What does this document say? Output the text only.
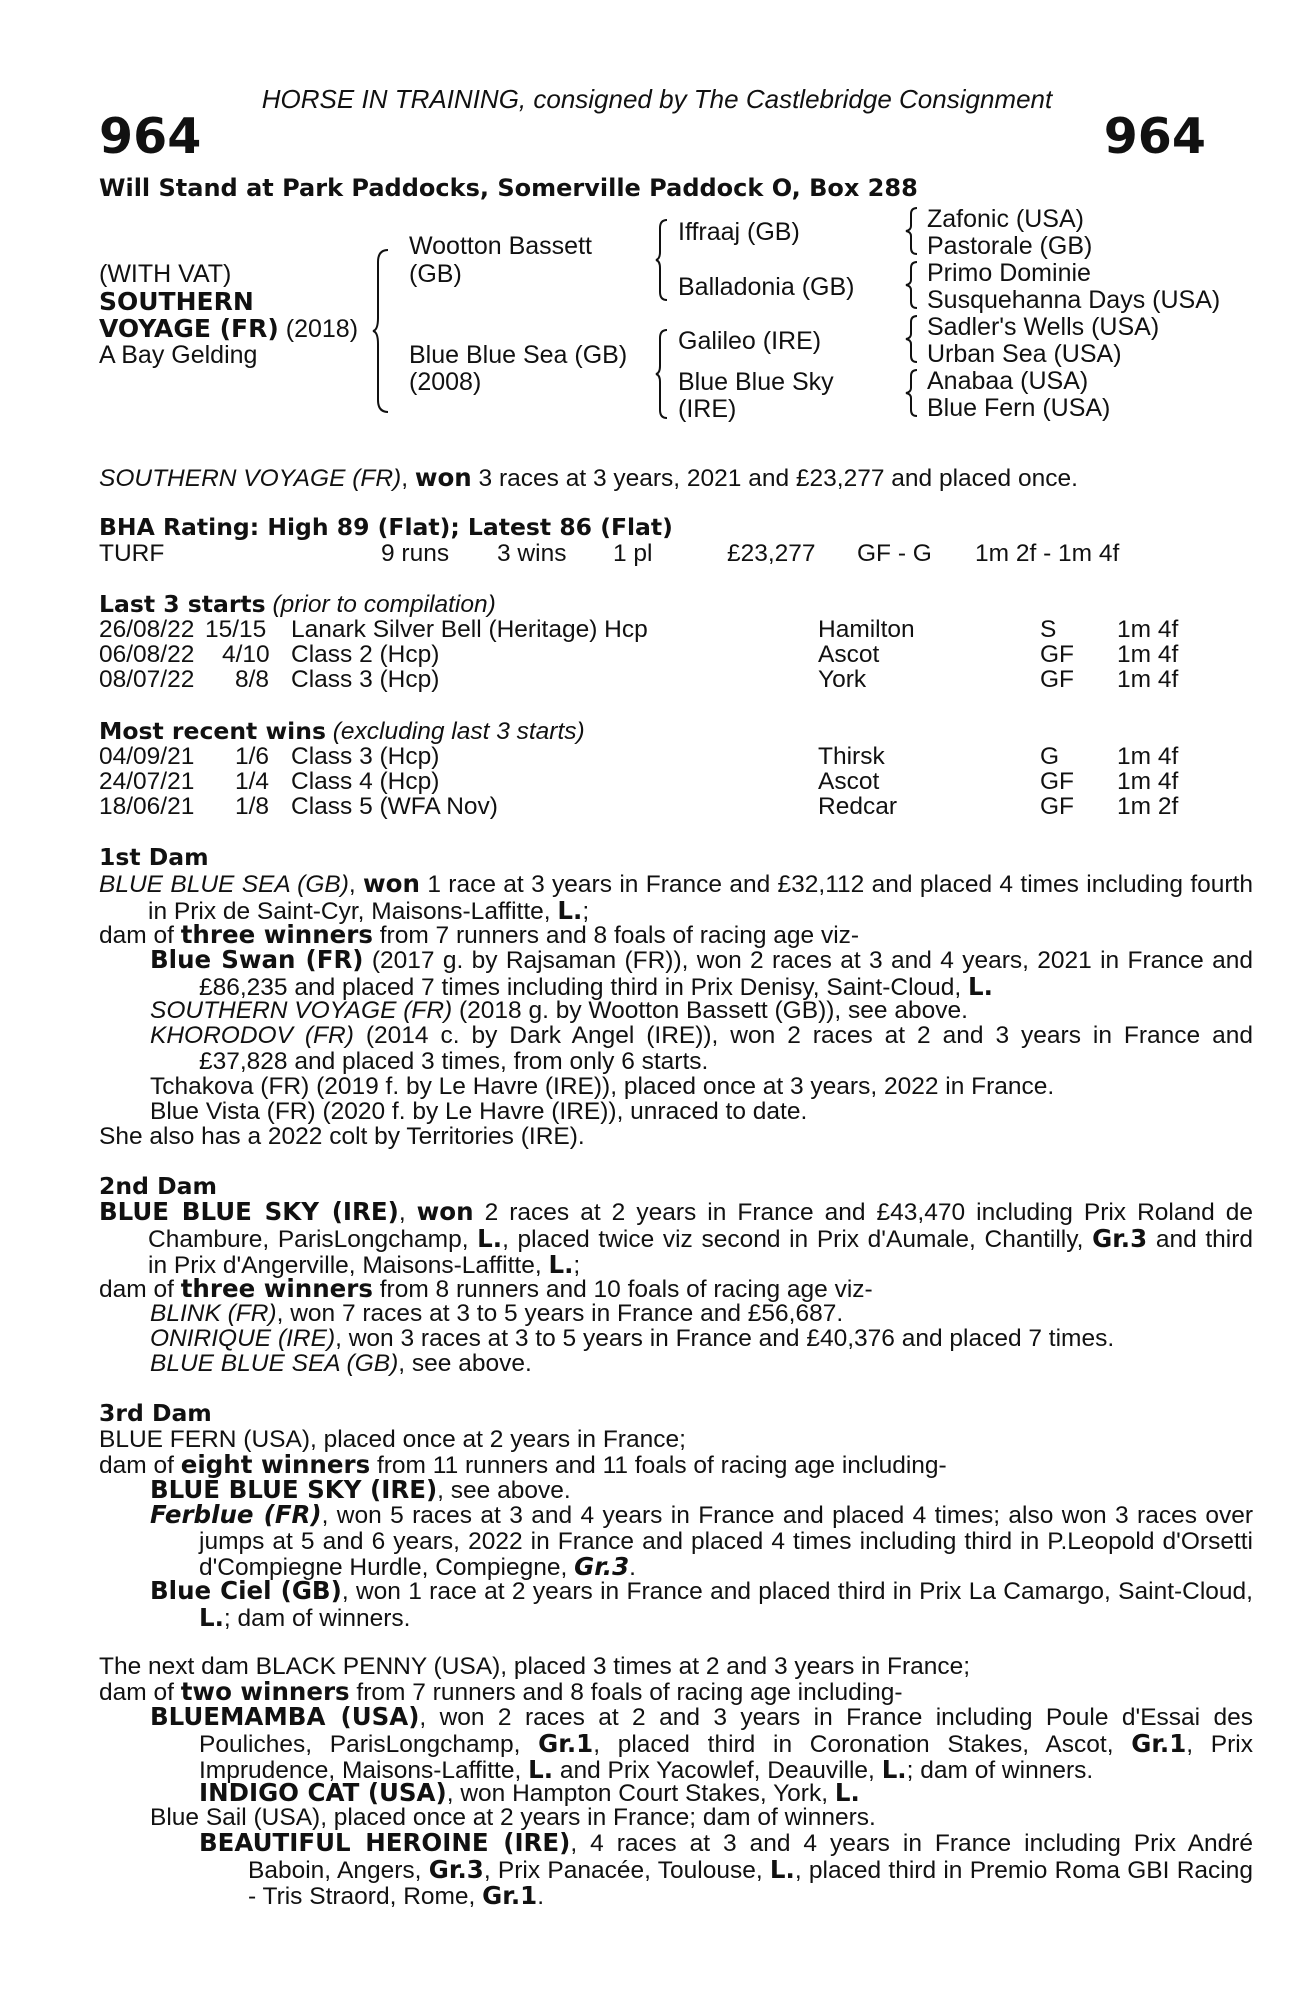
HORSE IN TRAINING, consigned by The Castlebridge Consignment
964	964
Will Stand at Park Paddocks, Somerville Paddock O, Box 288
(WITH VAT)
SOUTHERN
VOYAGE (FR) (2018)
A Bay Gelding
Wootton Bassett
(GB)
Blue Blue Sea (GB)
(2008)
Iffraaj (GB)
Balladonia (GB)
Galileo (IRE)
Blue Blue Sky
(IRE)
Zafonic (USA)
Pastorale (GB)
Primo Dominie
Susquehanna Days (USA)
Sadler's Wells (USA)
Urban Sea (USA)
Anabaa (USA)
Blue Fern (USA)
SOUTHERN VOYAGE (FR), won 3 races at 3 years, 2021 and £23,277 and placed once.
BHA Rating: High 89 (Flat); Latest 86 (Flat)
TURF	9 runs 3 wins 1 pl	£23,277 GF - G 1m 2f - 1m 4f
Last 3 starts (prior to compilation)
26/08/22 15/15 Lanark Silver Bell (Heritage) Hcp	Hamilton	S 1m 4f
06/08/22 4/10 Class 2 (Hcp)	Ascot	GF 1m 4f
08/07/22 8/8 Class 3 (Hcp)	York	GF 1m 4f
Most recent wins (excluding last 3 starts)
04/09/21 1/6 Class 3 (Hcp)	Thirsk	G 1m 4f
24/07/21 1/4 Class 4 (Hcp)	Ascot	GF 1m 4f
18/06/21 1/8 Class 5 (WFA Nov)	Redcar	GF 1m 2f
1st Dam
BLUE BLUE SEA (GB), won 1 race at 3 years in France and £32,112 and placed 4 times including fourth in Prix de Saint-Cyr, Maisons-Laffitte, L.;
dam of three winners from 7 runners and 8 foals of racing age viz-
Blue Swan (FR) (2017 g. by Rajsaman (FR)), won 2 races at 3 and 4 years, 2021 in France and £86,235 and placed 7 times including third in Prix Denisy, Saint-Cloud, L.
SOUTHERN VOYAGE (FR) (2018 g. by Wootton Bassett (GB)), see above.
KHORODOV (FR) (2014 c. by Dark Angel (IRE)), won 2 races at 2 and 3 years in France and £37,828 and placed 3 times, from only 6 starts.
Tchakova (FR) (2019 f. by Le Havre (IRE)), placed once at 3 years, 2022 in France.
Blue Vista (FR) (2020 f. by Le Havre (IRE)), unraced to date.
She also has a 2022 colt by Territories (IRE).
2nd Dam
BLUE BLUE SKY (IRE), won 2 races at 2 years in France and £43,470 including Prix Roland de Chambure, ParisLongchamp, L., placed twice viz second in Prix d'Aumale, Chantilly, Gr.3 and third in Prix d'Angerville, Maisons-Laffitte, L.;
dam of three winners from 8 runners and 10 foals of racing age viz-
BLINK (FR), won 7 races at 3 to 5 years in France and £56,687.
ONIRIQUE (IRE), won 3 races at 3 to 5 years in France and £40,376 and placed 7 times.
BLUE BLUE SEA (GB), see above.
3rd Dam
BLUE FERN (USA), placed once at 2 years in France;
dam of eight winners from 11 runners and 11 foals of racing age including-
BLUE BLUE SKY (IRE), see above.
Ferblue (FR), won 5 races at 3 and 4 years in France and placed 4 times; also won 3 races over jumps at 5 and 6 years, 2022 in France and placed 4 times including third in P.Leopold d'Orsetti d'Compiegne Hurdle, Compiegne, Gr.3.
Blue Ciel (GB), won 1 race at 2 years in France and placed third in Prix La Camargo, Saint-Cloud, L.; dam of winners.
The next dam BLACK PENNY (USA), placed 3 times at 2 and 3 years in France;
dam of two winners from 7 runners and 8 foals of racing age including-
BLUEMAMBA (USA), won 2 races at 2 and 3 years in France including Poule d'Essai des Pouliches, ParisLongchamp, Gr.1, placed third in Coronation Stakes, Ascot, Gr.1, Prix Imprudence, Maisons-Laffitte, L. and Prix Yacowlef, Deauville, L.; dam of winners.
INDIGO CAT (USA), won Hampton Court Stakes, York, L.
Blue Sail (USA), placed once at 2 years in France; dam of winners.
BEAUTIFUL HEROINE (IRE), 4 races at 3 and 4 years in France including Prix André Baboin, Angers, Gr.3, Prix Panacée, Toulouse, L., placed third in Premio Roma GBI Racing - Tris Straord, Rome, Gr.1.
